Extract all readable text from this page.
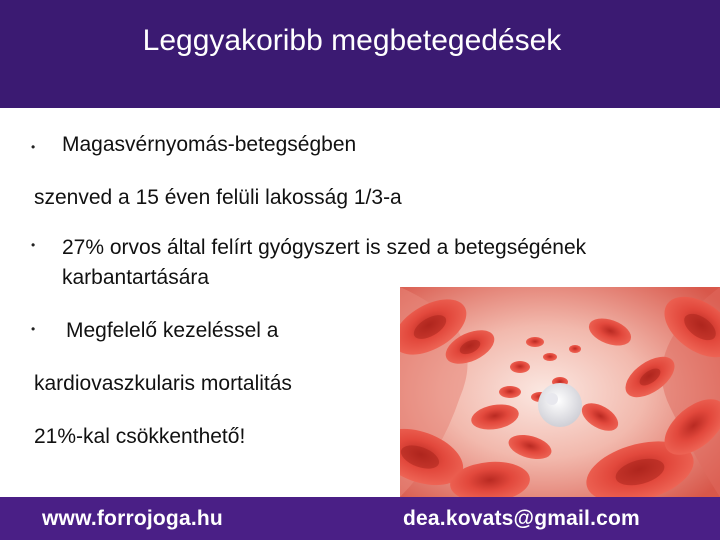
Leggyakoribb megbetegedések
• Magasvérnyomás-betegségben
szenved a 15 éven felüli lakosság 1/3-a
• 27% orvos által felírt gyógyszert is szed a betegségének
karbantartására
• Megfelelő kezeléssel a
kardiovaszkularis mortalitás
21%-kal csökkenthető!
www.forrojoga.hu	dea.kovats@gmail.com
